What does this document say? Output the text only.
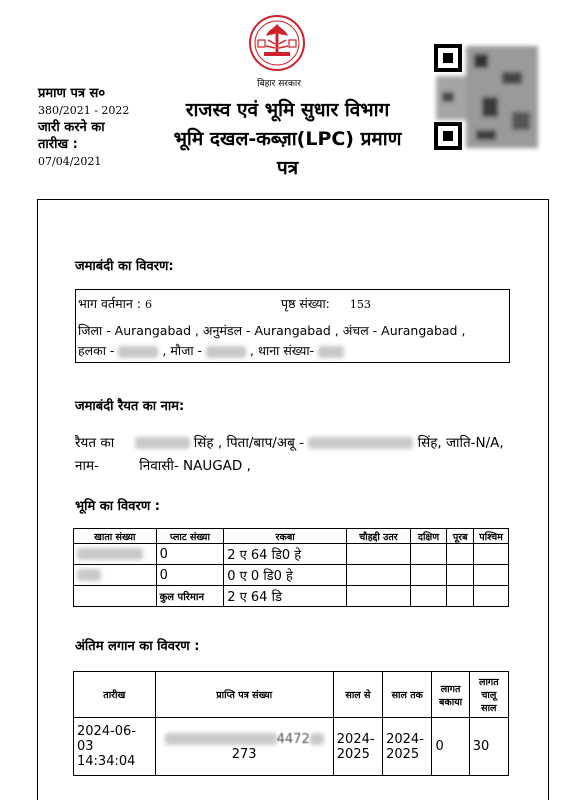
बिहार सरकार
प्रमाण पत्र स०
380/2021 - 2022
जारी करने का
तारीख :
07/04/2021
राजस्व एवं भूमि सुधार विभाग
भूमि दखल-कब्ज़ा(LPC) प्रमाण
पत्र
जमाबंदी का विवरण:
भाग वर्तमान : 6	पृष्ठ संख्या: 153
जिला - Aurangabad , अनुमंडल - Aurangabad , अंचल - Aurangabad ,
हलका -	, मौजा -	, थाना संख्या-
जमाबंदी रैयत का नाम:
रैयत का	सिंह , पिता/बाप/अबू -	सिंह, जाति-N/A,
नाम-	निवासी- NAUGAD ,
भूमि का विवरण :
खाता संख्या	प्लाट संख्या	रकबा	चौहद्दी उतर	दक्षिण	पूरब	पश्चिम
	0	2 ए 64 डि0 हे				
	0	0 ए 0 डि0 हे				
	कुल परिमान	2 ए 64 डि				
अंतिम लगान का विवरण :
तारीख	प्राप्ति पत्र संख्या	साल से	साल तक	लागत बकाया	लागत चालू साल
2024-06-03 14:34:04	4472273	2024-2025	2024-2025	0	30
